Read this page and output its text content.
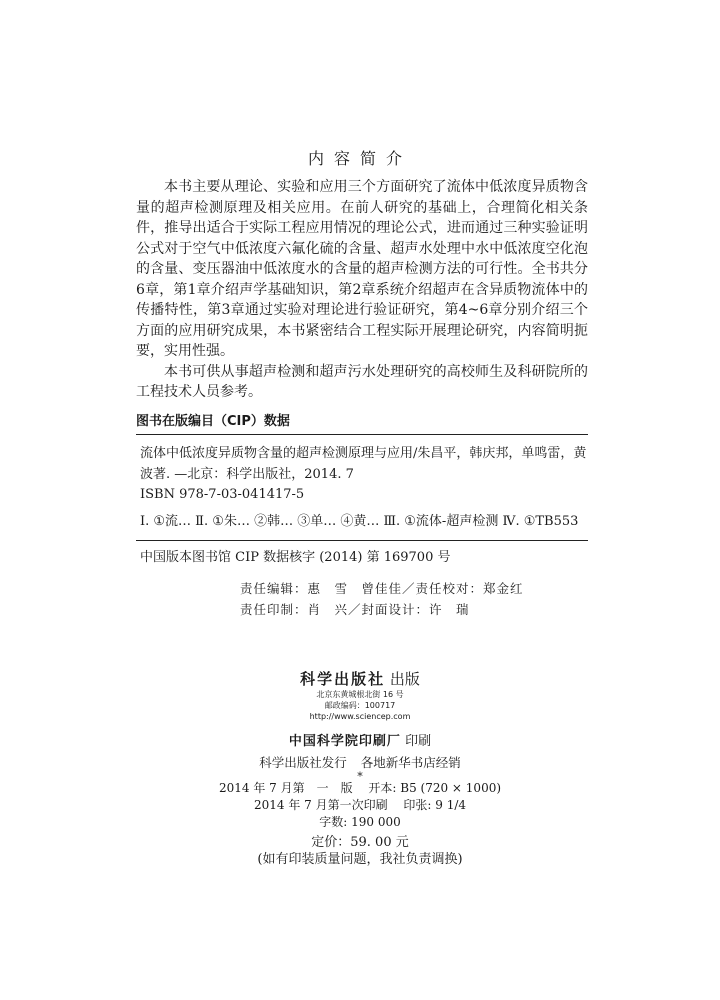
内容简介

本书主要从理论、实验和应用三个方面研究了流体中低浓度异质物含量的超声检测原理及相关应用。在前人研究的基础上，合理简化相关条件，推导出适合于实际工程应用情况的理论公式，进而通过三种实验证明公式对于空气中低浓度六氟化硫的含量、超声水处理中水中低浓度空化泡的含量、变压器油中低浓度水的含量的超声检测方法的可行性。全书共分6章，第1章介绍声学基础知识，第2章系统介绍超声在含异质物流体中的传播特性，第3章通过实验对理论进行验证研究，第4~6章分别介绍三个方面的应用研究成果，本书紧密结合工程实际开展理论研究，内容简明扼要，实用性强。

本书可供从事超声检测和超声污水处理研究的高校师生及科研院所的工程技术人员参考。

图书在版编目（CIP）数据
流体中低浓度异质物含量的超声检测原理与应用/朱昌平，韩庆邦，单鸣雷，黄波著. —北京：科学出版社，2014. 7
ISBN 978-7-03-041417-5
Ⅰ. ①流… Ⅱ. ①朱… ②韩… ③单… ④黄… Ⅲ. ①流体-超声检测 Ⅳ. ①TB553
中国版本图书馆 CIP 数据核字 (2014) 第 169700 号
责任编辑：惠　雪　曾佳佳／责任校对：郑金红
责任印制：肖　兴／封面设计：许　瑞
科学出版社 出版
北京东黄城根北街 16 号
邮政编码：100717
http://www.sciencep.com
中国科学院印刷厂 印刷
科学出版社发行 各地新华书店经销
*
2014 年 7 月第　一　版　 开本: B5 (720 × 1000)
2014 年 7 月第一次印刷　 印张: 9 1/4
字数: 190 000
定价：59. 00 元
(如有印装质量问题，我社负责调换)
